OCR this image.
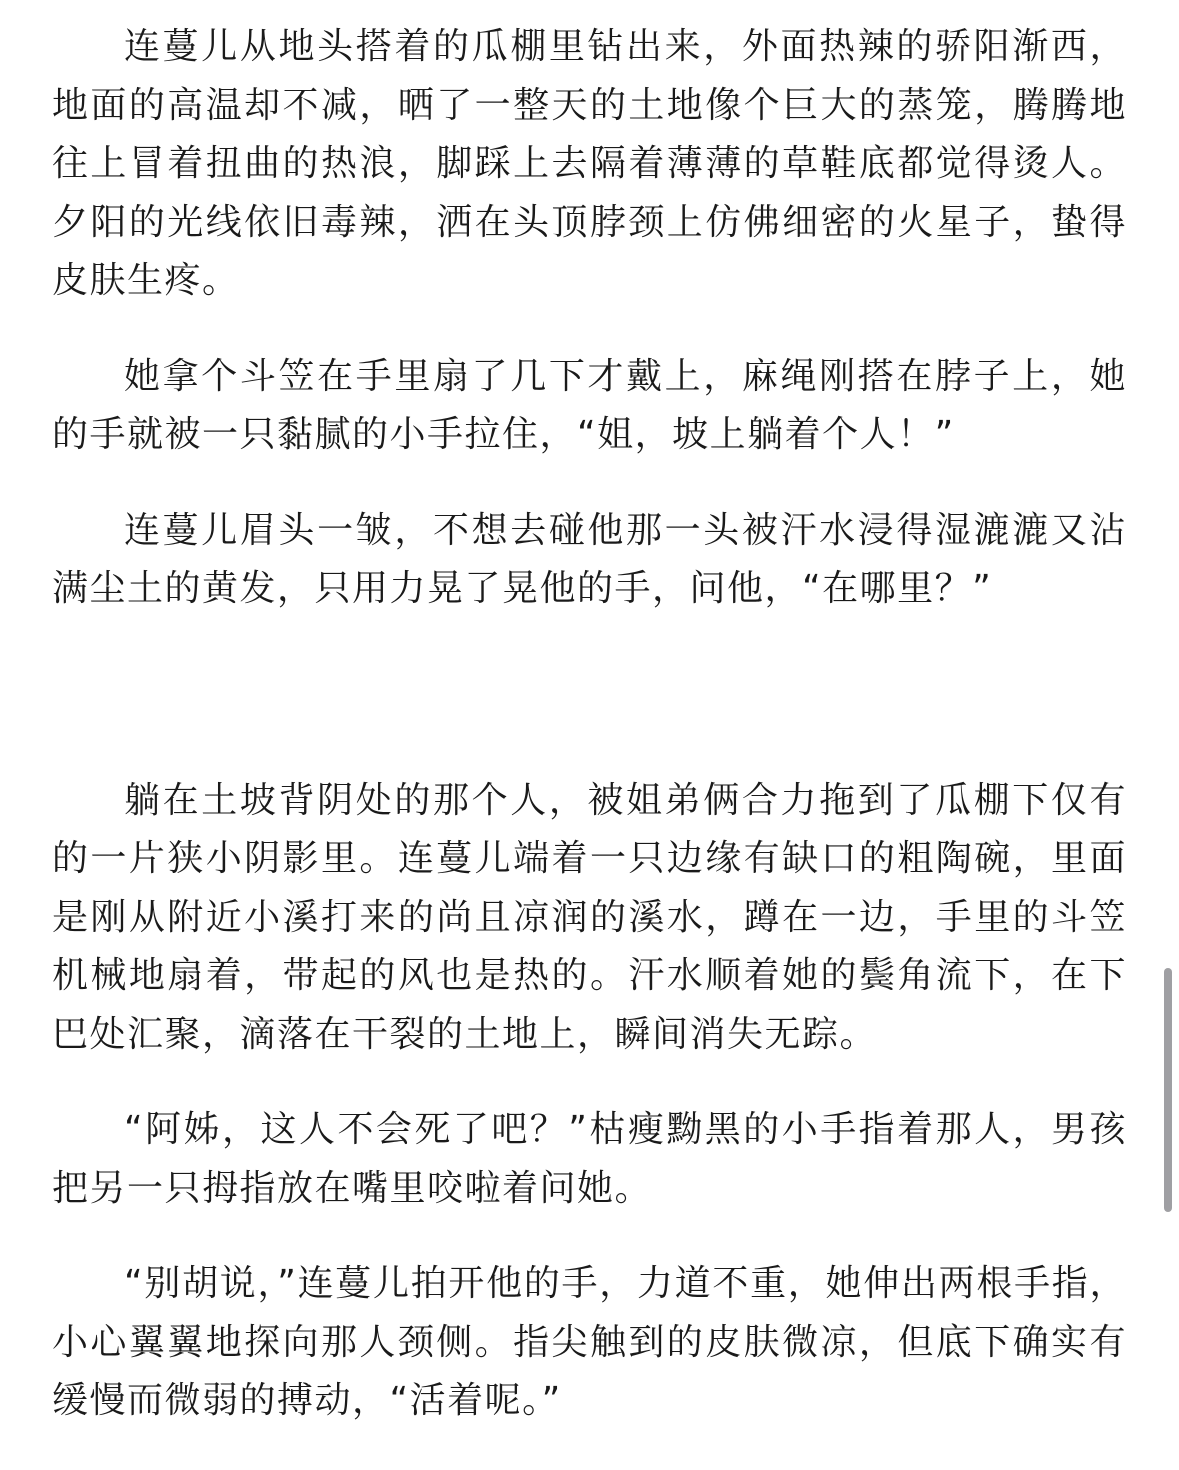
连蔓儿从地头搭着的瓜棚里钻出来，外面热辣的骄阳渐西，地面的高温却不减，晒了一整天的土地像个巨大的蒸笼，腾腾地往上冒着扭曲的热浪，脚踩上去隔着薄薄的草鞋底都觉得烫人。夕阳的光线依旧毒辣，洒在头顶脖颈上仿佛细密的火星子，蛰得皮肤生疼。

她拿个斗笠在手里扇了几下才戴上，麻绳刚搭在脖子上，她的手就被一只黏腻的小手拉住，“姐，坡上躺着个人！”

连蔓儿眉头一皱，不想去碰他那一头被汗水浸得湿漉漉又沾满尘土的黄发，只用力晃了晃他的手，问他，“在哪里？”

躺在土坡背阴处的那个人，被姐弟俩合力拖到了瓜棚下仅有的一片狭小阴影里。连蔓儿端着一只边缘有缺口的粗陶碗，里面是刚从附近小溪打来的尚且凉润的溪水，蹲在一边，手里的斗笠机械地扇着，带起的风也是热的。汗水顺着她的鬓角流下，在下巴处汇聚，滴落在干裂的土地上，瞬间消失无踪。

“阿姊，这人不会死了吧？”枯瘦黝黑的小手指着那人，男孩把另一只拇指放在嘴里咬啦着问她。

“别胡说，”连蔓儿拍开他的手，力道不重，她伸出两根手指，小心翼翼地探向那人颈侧。指尖触到的皮肤微凉，但底下确实有缓慢而微弱的搏动，“活着呢。”
